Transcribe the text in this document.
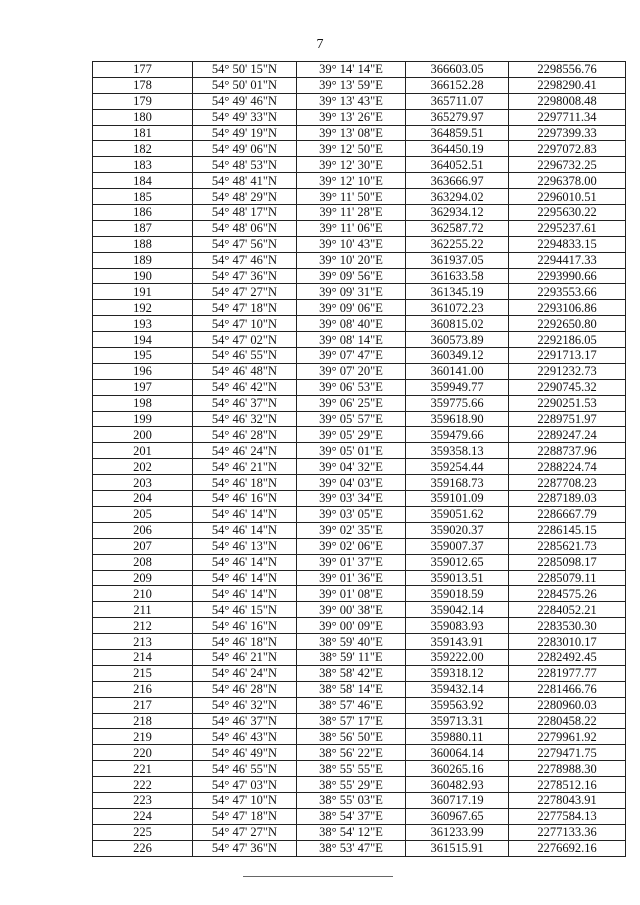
7
177	54° 50' 15"N	39° 14' 14"E	366603.05	2298556.76
178	54° 50' 01"N	39° 13' 59"E	366152.28	2298290.41
179	54° 49' 46"N	39° 13' 43"E	365711.07	2298008.48
180	54° 49' 33"N	39° 13' 26"E	365279.97	2297711.34
181	54° 49' 19"N	39° 13' 08"E	364859.51	2297399.33
182	54° 49' 06"N	39° 12' 50"E	364450.19	2297072.83
183	54° 48' 53"N	39° 12' 30"E	364052.51	2296732.25
184	54° 48' 41"N	39° 12' 10"E	363666.97	2296378.00
185	54° 48' 29"N	39° 11' 50"E	363294.02	2296010.51
186	54° 48' 17"N	39° 11' 28"E	362934.12	2295630.22
187	54° 48' 06"N	39° 11' 06"E	362587.72	2295237.61
188	54° 47' 56"N	39° 10' 43"E	362255.22	2294833.15
189	54° 47' 46"N	39° 10' 20"E	361937.05	2294417.33
190	54° 47' 36"N	39° 09' 56"E	361633.58	2293990.66
191	54° 47' 27"N	39° 09' 31"E	361345.19	2293553.66
192	54° 47' 18"N	39° 09' 06"E	361072.23	2293106.86
193	54° 47' 10"N	39° 08' 40"E	360815.02	2292650.80
194	54° 47' 02"N	39° 08' 14"E	360573.89	2292186.05
195	54° 46' 55"N	39° 07' 47"E	360349.12	2291713.17
196	54° 46' 48"N	39° 07' 20"E	360141.00	2291232.73
197	54° 46' 42"N	39° 06' 53"E	359949.77	2290745.32
198	54° 46' 37"N	39° 06' 25"E	359775.66	2290251.53
199	54° 46' 32"N	39° 05' 57"E	359618.90	2289751.97
200	54° 46' 28"N	39° 05' 29"E	359479.66	2289247.24
201	54° 46' 24"N	39° 05' 01"E	359358.13	2288737.96
202	54° 46' 21"N	39° 04' 32"E	359254.44	2288224.74
203	54° 46' 18"N	39° 04' 03"E	359168.73	2287708.23
204	54° 46' 16"N	39° 03' 34"E	359101.09	2287189.03
205	54° 46' 14"N	39° 03' 05"E	359051.62	2286667.79
206	54° 46' 14"N	39° 02' 35"E	359020.37	2286145.15
207	54° 46' 13"N	39° 02' 06"E	359007.37	2285621.73
208	54° 46' 14"N	39° 01' 37"E	359012.65	2285098.17
209	54° 46' 14"N	39° 01' 36"E	359013.51	2285079.11
210	54° 46' 14"N	39° 01' 08"E	359018.59	2284575.26
211	54° 46' 15"N	39° 00' 38"E	359042.14	2284052.21
212	54° 46' 16"N	39° 00' 09"E	359083.93	2283530.30
213	54° 46' 18"N	38° 59' 40"E	359143.91	2283010.17
214	54° 46' 21"N	38° 59' 11"E	359222.00	2282492.45
215	54° 46' 24"N	38° 58' 42"E	359318.12	2281977.77
216	54° 46' 28"N	38° 58' 14"E	359432.14	2281466.76
217	54° 46' 32"N	38° 57' 46"E	359563.92	2280960.03
218	54° 46' 37"N	38° 57' 17"E	359713.31	2280458.22
219	54° 46' 43"N	38° 56' 50"E	359880.11	2279961.92
220	54° 46' 49"N	38° 56' 22"E	360064.14	2279471.75
221	54° 46' 55"N	38° 55' 55"E	360265.16	2278988.30
222	54° 47' 03"N	38° 55' 29"E	360482.93	2278512.16
223	54° 47' 10"N	38° 55' 03"E	360717.19	2278043.91
224	54° 47' 18"N	38° 54' 37"E	360967.65	2277584.13
225	54° 47' 27"N	38° 54' 12"E	361233.99	2277133.36
226	54° 47' 36"N	38° 53' 47"E	361515.91	2276692.16
